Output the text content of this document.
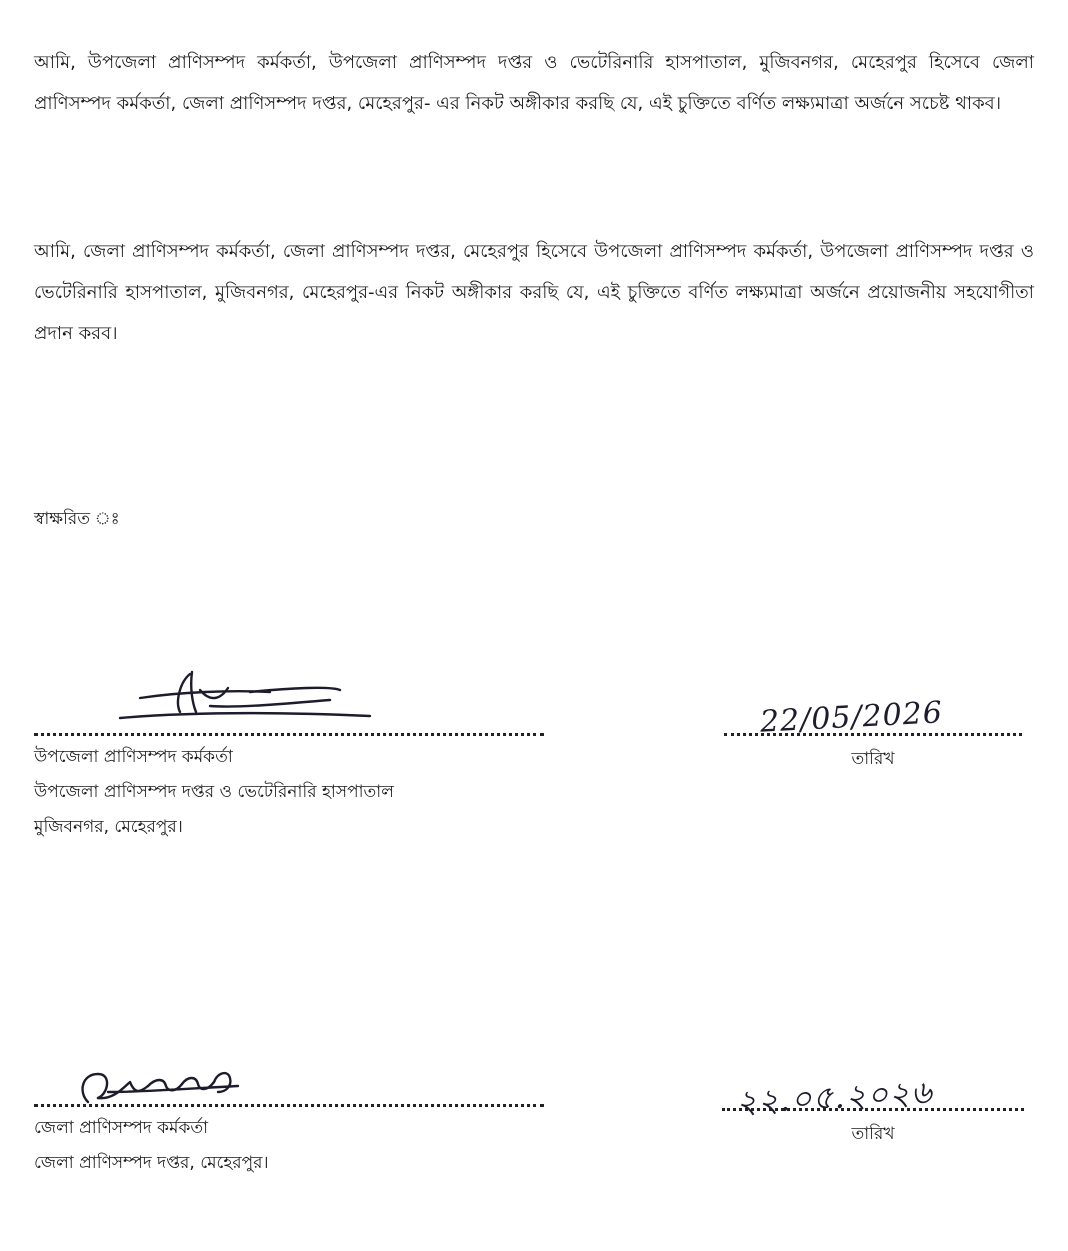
আমি, উপজেলা প্রাণিসম্পদ কর্মকর্তা, উপজেলা প্রাণিসম্পদ দপ্তর ও ভেটেরিনারি হাসপাতাল, মুজিবনগর, মেহেরপুর হিসেবে জেলা প্রাণিসম্পদ কর্মকর্তা, জেলা প্রাণিসম্পদ দপ্তর, মেহেরপুর- এর নিকট অঙ্গীকার করছি যে, এই চুক্তিতে বর্ণিত লক্ষ্যমাত্রা অর্জনে সচেষ্ট থাকব।

আমি, জেলা প্রাণিসম্পদ কর্মকর্তা, জেলা প্রাণিসম্পদ দপ্তর, মেহেরপুর হিসেবে উপজেলা প্রাণিসম্পদ কর্মকর্তা, উপজেলা প্রাণিসম্পদ দপ্তর ও ভেটেরিনারি হাসপাতাল, মুজিবনগর, মেহেরপুর-এর নিকট অঙ্গীকার করছি যে, এই চুক্তিতে বর্ণিত লক্ষ্যমাত্রা অর্জনে প্রয়োজনীয় সহযোগীতা প্রদান করব।

স্বাক্ষরিত ঃ

উপজেলা প্রাণিসম্পদ কর্মকর্তা
উপজেলা প্রাণিসম্পদ দপ্তর ও ভেটেরিনারি হাসপাতাল
মুজিবনগর, মেহেরপুর।
22/05/2026
তারিখ
জেলা প্রাণিসম্পদ কর্মকর্তা
জেলা প্রাণিসম্পদ দপ্তর, মেহেরপুর।
২২.০৫.২০২৬
তারিখ
